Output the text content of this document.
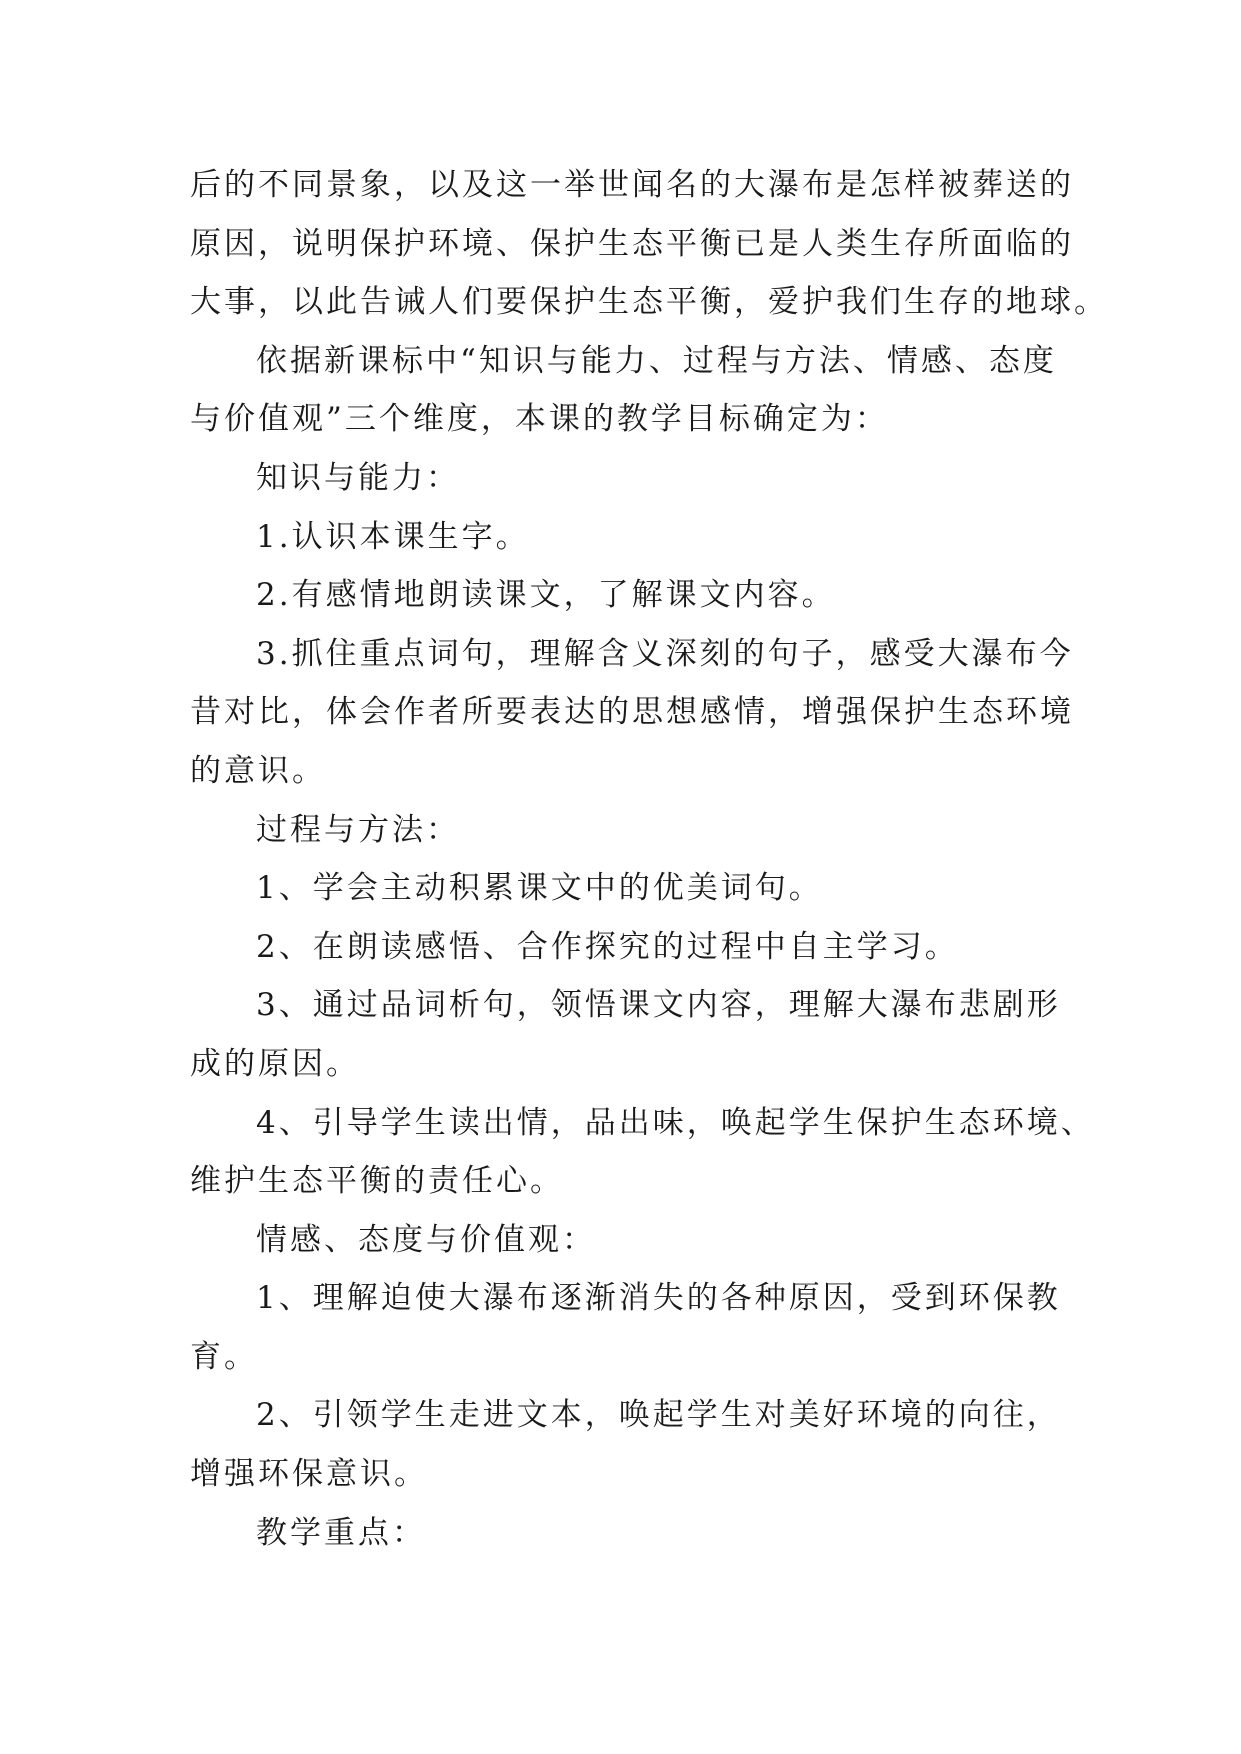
后的不同景象，以及这一举世闻名的大瀑布是怎样被葬送的

原因，说明保护环境、保护生态平衡已是人类生存所面临的

大事，以此告诫人们要保护生态平衡，爱护我们生存的地球。

依据新课标中“知识与能力、过程与方法、情感、态度

与价值观”三个维度，本课的教学目标确定为：

知识与能力：

1.认识本课生字。

2.有感情地朗读课文，了解课文内容。

3.抓住重点词句，理解含义深刻的句子，感受大瀑布今

昔对比，体会作者所要表达的思想感情，增强保护生态环境

的意识。

过程与方法：

1、学会主动积累课文中的优美词句。

2、在朗读感悟、合作探究的过程中自主学习。

3、通过品词析句，领悟课文内容，理解大瀑布悲剧形

成的原因。

4、引导学生读出情，品出味，唤起学生保护生态环境、

维护生态平衡的责任心。

情感、态度与价值观：

1、理解迫使大瀑布逐渐消失的各种原因，受到环保教

育。

2、引领学生走进文本，唤起学生对美好环境的向往，

增强环保意识。

教学重点：
